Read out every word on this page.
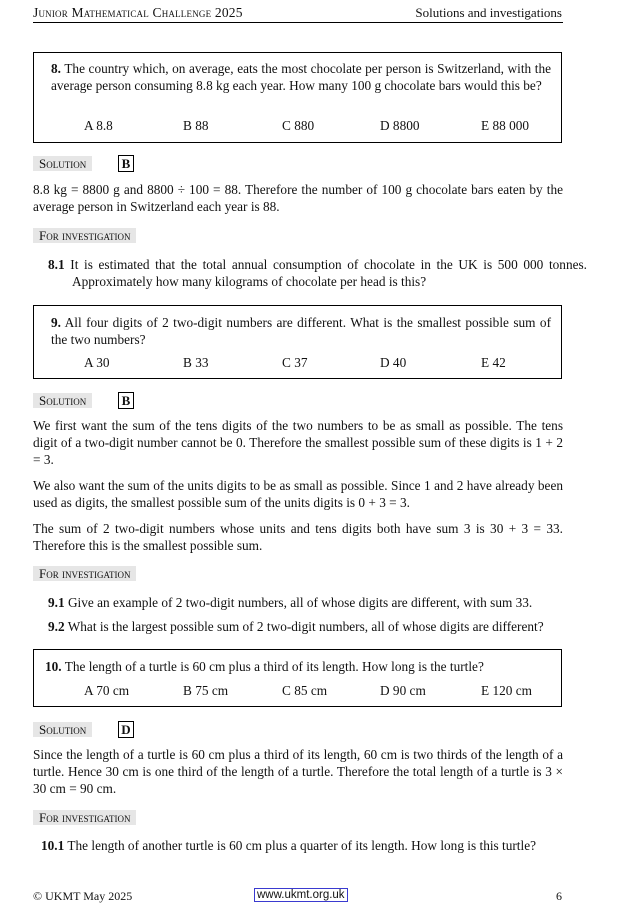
Junior Mathematical Challenge 2025	Solutions and investigations
8. The country which, on average, eats the most chocolate per person is Switzerland, with the average person consuming 8.8 kg each year. How many 100 g chocolate bars would this be?
A 8.8	B 88	C 880	D 8800	E 88 000
Solution	B
8.8 kg = 8800 g and 8800 ÷ 100 = 88. Therefore the number of 100 g chocolate bars eaten by the average person in Switzerland each year is 88.
For investigation
8.1 It is estimated that the total annual consumption of chocolate in the UK is 500 000 tonnes. Approximately how many kilograms of chocolate per head is this?
9. All four digits of 2 two-digit numbers are different. What is the smallest possible sum of the two numbers?
A 30	B 33	C 37	D 40	E 42
Solution	B
We first want the sum of the tens digits of the two numbers to be as small as possible. The tens digit of a two-digit number cannot be 0. Therefore the smallest possible sum of these digits is 1 + 2 = 3.
We also want the sum of the units digits to be as small as possible. Since 1 and 2 have already been used as digits, the smallest possible sum of the units digits is 0 + 3 = 3.
The sum of 2 two-digit numbers whose units and tens digits both have sum 3 is 30 + 3 = 33. Therefore this is the smallest possible sum.
For investigation
9.1 Give an example of 2 two-digit numbers, all of whose digits are different, with sum 33.
9.2 What is the largest possible sum of 2 two-digit numbers, all of whose digits are different?
10. The length of a turtle is 60 cm plus a third of its length. How long is the turtle?
A 70 cm	B 75 cm	C 85 cm	D 90 cm	E 120 cm
Solution	D
Since the length of a turtle is 60 cm plus a third of its length, 60 cm is two thirds of the length of a turtle. Hence 30 cm is one third of the length of a turtle. Therefore the total length of a turtle is 3 × 30 cm = 90 cm.
For investigation
10.1 The length of another turtle is 60 cm plus a quarter of its length. How long is this turtle?
© UKMT May 2025	www.ukmt.org.uk	6
